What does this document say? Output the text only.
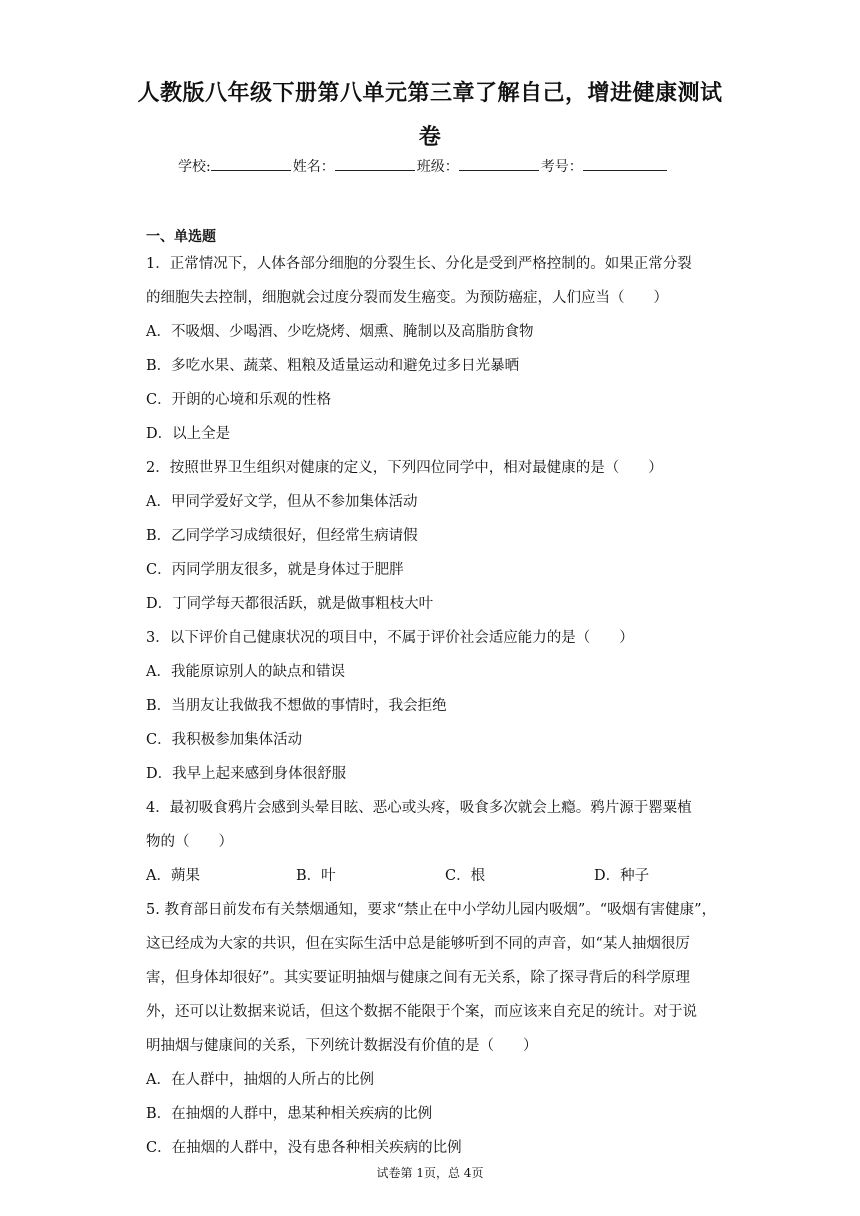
人教版八年级下册第八单元第三章了解自己，增进健康测试
卷
学校:	姓名：	班级：	考号：
一、单选题
1．正常情况下，人体各部分细胞的分裂生长、分化是受到严格控制的。如果正常分裂
的细胞失去控制，细胞就会过度分裂而发生癌变。为预防癌症，人们应当（　　）
A．不吸烟、少喝酒、少吃烧烤、烟熏、腌制以及高脂肪食物
B．多吃水果、蔬菜、粗粮及适量运动和避免过多日光暴晒
C．开朗的心境和乐观的性格
D．以上全是
2．按照世界卫生组织对健康的定义，下列四位同学中，相对最健康的是（　　）
A．甲同学爱好文学，但从不参加集体活动
B．乙同学学习成绩很好，但经常生病请假
C．丙同学朋友很多，就是身体过于肥胖
D．丁同学每天都很活跃，就是做事粗枝大叶
3．以下评价自己健康状况的项目中，不属于评价社会适应能力的是（　　）
A．我能原谅别人的缺点和错误
B．当朋友让我做我不想做的事情时，我会拒绝
C．我积极参加集体活动
D．我早上起来感到身体很舒服
4．最初吸食鸦片会感到头晕目眩、恶心或头疼，吸食多次就会上瘾。鸦片源于罂粟植
物的（　　）
A．蒴果	B．叶	C．根	D．种子
5. 教育部日前发布有关禁烟通知，要求“禁止在中小学幼儿园内吸烟”。“吸烟有害健康”，
这已经成为大家的共识，但在实际生活中总是能够听到不同的声音，如“某人抽烟很厉
害，但身体却很好”。其实要证明抽烟与健康之间有无关系，除了探寻背后的科学原理
外，还可以让数据来说话，但这个数据不能限于个案，而应该来自充足的统计。对于说
明抽烟与健康间的关系，下列统计数据没有价值的是（　　）
A．在人群中，抽烟的人所占的比例
B．在抽烟的人群中，患某种相关疾病的比例
C．在抽烟的人群中，没有患各种相关疾病的比例
试卷第 1页，总 4页
